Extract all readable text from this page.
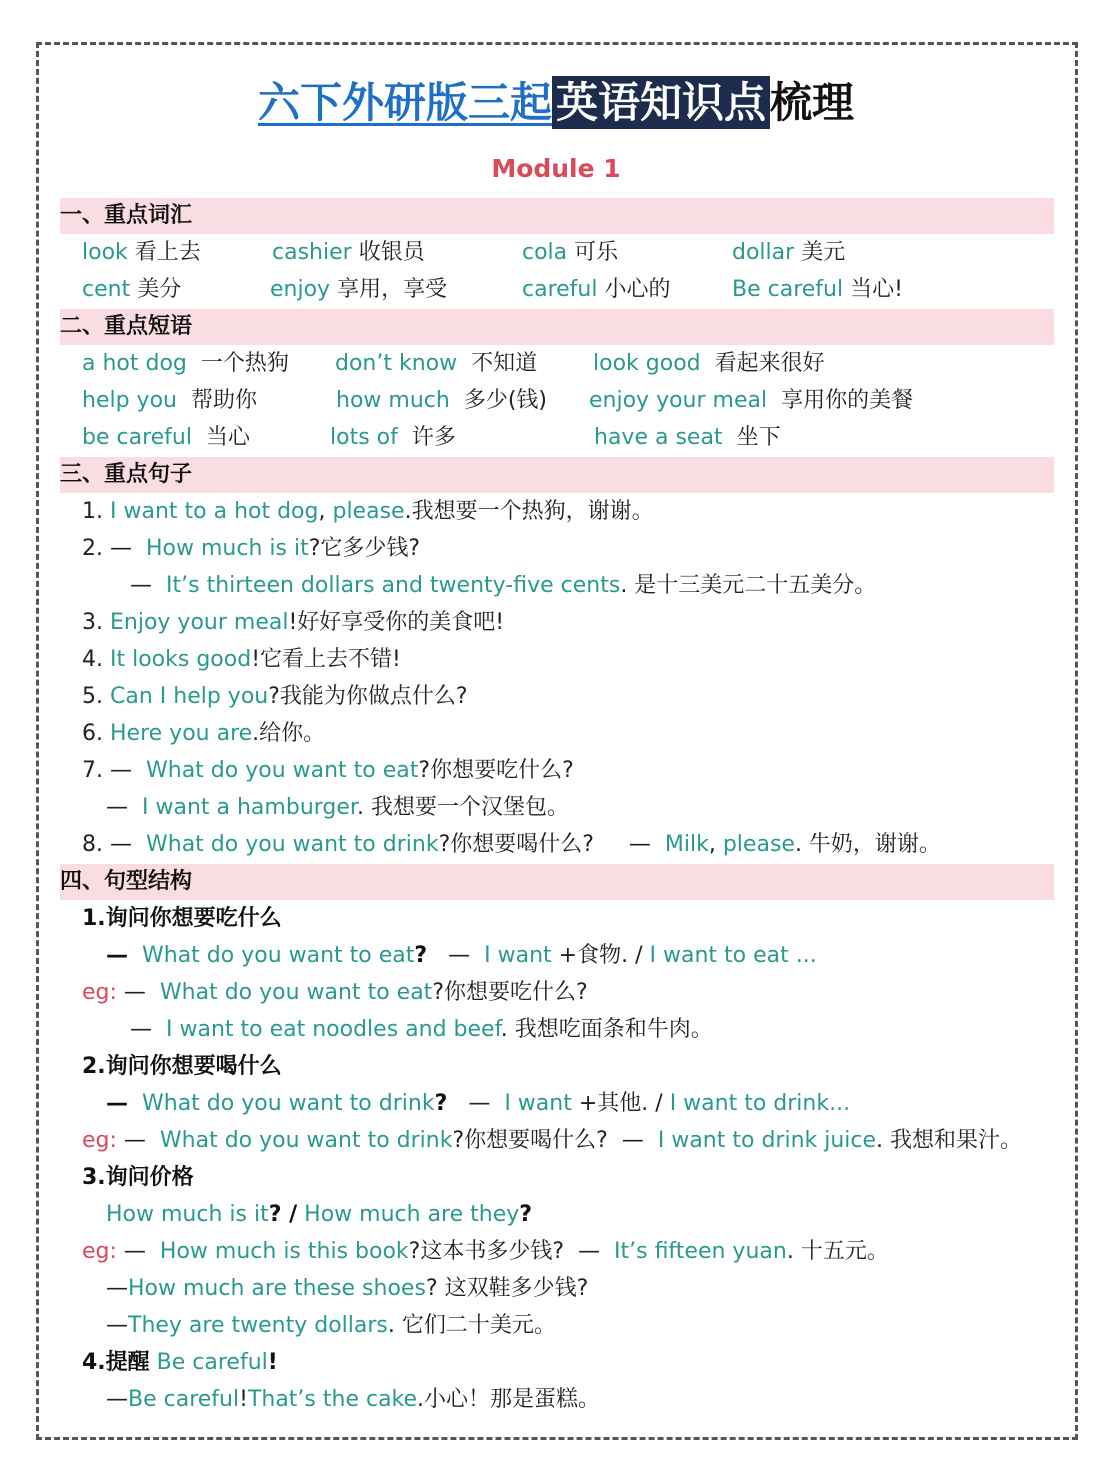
六下外研版三起英语知识点梳理
Module 1
一、重点词汇
look 看上去	cashier 收银员	cola 可乐	dollar 美元
cent 美分	enjoy 享用，享受	careful 小心的	Be careful 当心!
二、重点短语
a hot dog 一个热狗 don’t know 不知道	look good 看起来很好
help you 帮助你	how much 多少(钱) enjoy your meal 享用你的美餐
be careful 当心	lots of 许多	have a seat 坐下
三、重点句子
1. I want to a hot dog, please.我想要一个热狗，谢谢。
2. — How much is it?它多少钱?
— It’s thirteen dollars and twenty-five cents. 是十三美元二十五美分。
3. Enjoy your meal!好好享受你的美食吧!
4. It looks good!它看上去不错!
5. Can I help you?我能为你做点什么?
6. Here you are.给你。
7. — What do you want to eat?你想要吃什么?
— I want a hamburger. 我想要一个汉堡包。
8. — What do you want to drink?你想要喝什么? — Milk, please. 牛奶，谢谢。
四、句型结构
1.询问你想要吃什么
— What do you want to eat? — I want +食物. / I want to eat ...
eg: — What do you want to eat?你想要吃什么?
— I want to eat noodles and beef. 我想吃面条和牛肉。
2.询问你想要喝什么
— What do you want to drink? — I want +其他. / I want to drink...
eg: — What do you want to drink?你想要喝什么? — I want to drink juice. 我想和果汁。
3.询问价格
How much is it? / How much are they?
eg: — How much is this book?这本书多少钱? — It’s fifteen yuan. 十五元。
—How much are these shoes? 这双鞋多少钱?
—They are twenty dollars. 它们二十美元。
4.提醒 Be careful!
—Be careful!That’s the cake.小心！那是蛋糕。
